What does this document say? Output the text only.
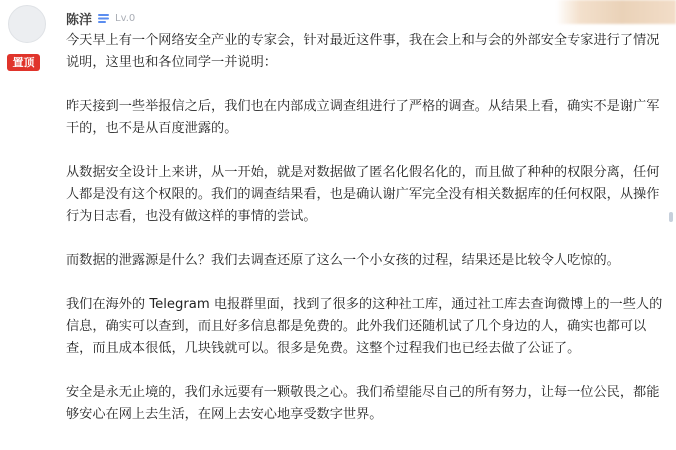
置顶
陈洋 Lv.0

今天早上有一个网络安全产业的专家会，针对最近这件事，我在会上和与会的外部安全专家进行了情况说明，这里也和各位同学一并说明：

昨天接到一些举报信之后，我们也在内部成立调查组进行了严格的调查。从结果上看，确实不是谢广军干的，也不是从百度泄露的。

从数据安全设计上来讲，从一开始，就是对数据做了匿名化假名化的，而且做了种种的权限分离，任何人都是没有这个权限的。我们的调查结果看，也是确认谢广军完全没有相关数据库的任何权限，从操作行为日志看，也没有做这样的事情的尝试。

而数据的泄露源是什么？我们去调查还原了这么一个小女孩的过程，结果还是比较令人吃惊的。

我们在海外的 Telegram 电报群里面，找到了很多的这种社工库，通过社工库去查询微博上的一些人的信息，确实可以查到，而且好多信息都是免费的。此外我们还随机试了几个身边的人，确实也都可以查，而且成本很低，几块钱就可以。很多是免费。这整个过程我们也已经去做了公证了。

安全是永无止境的，我们永远要有一颗敬畏之心。我们希望能尽自己的所有努力，让每一位公民，都能够安心在网上去生活，在网上去安心地享受数字世界。
